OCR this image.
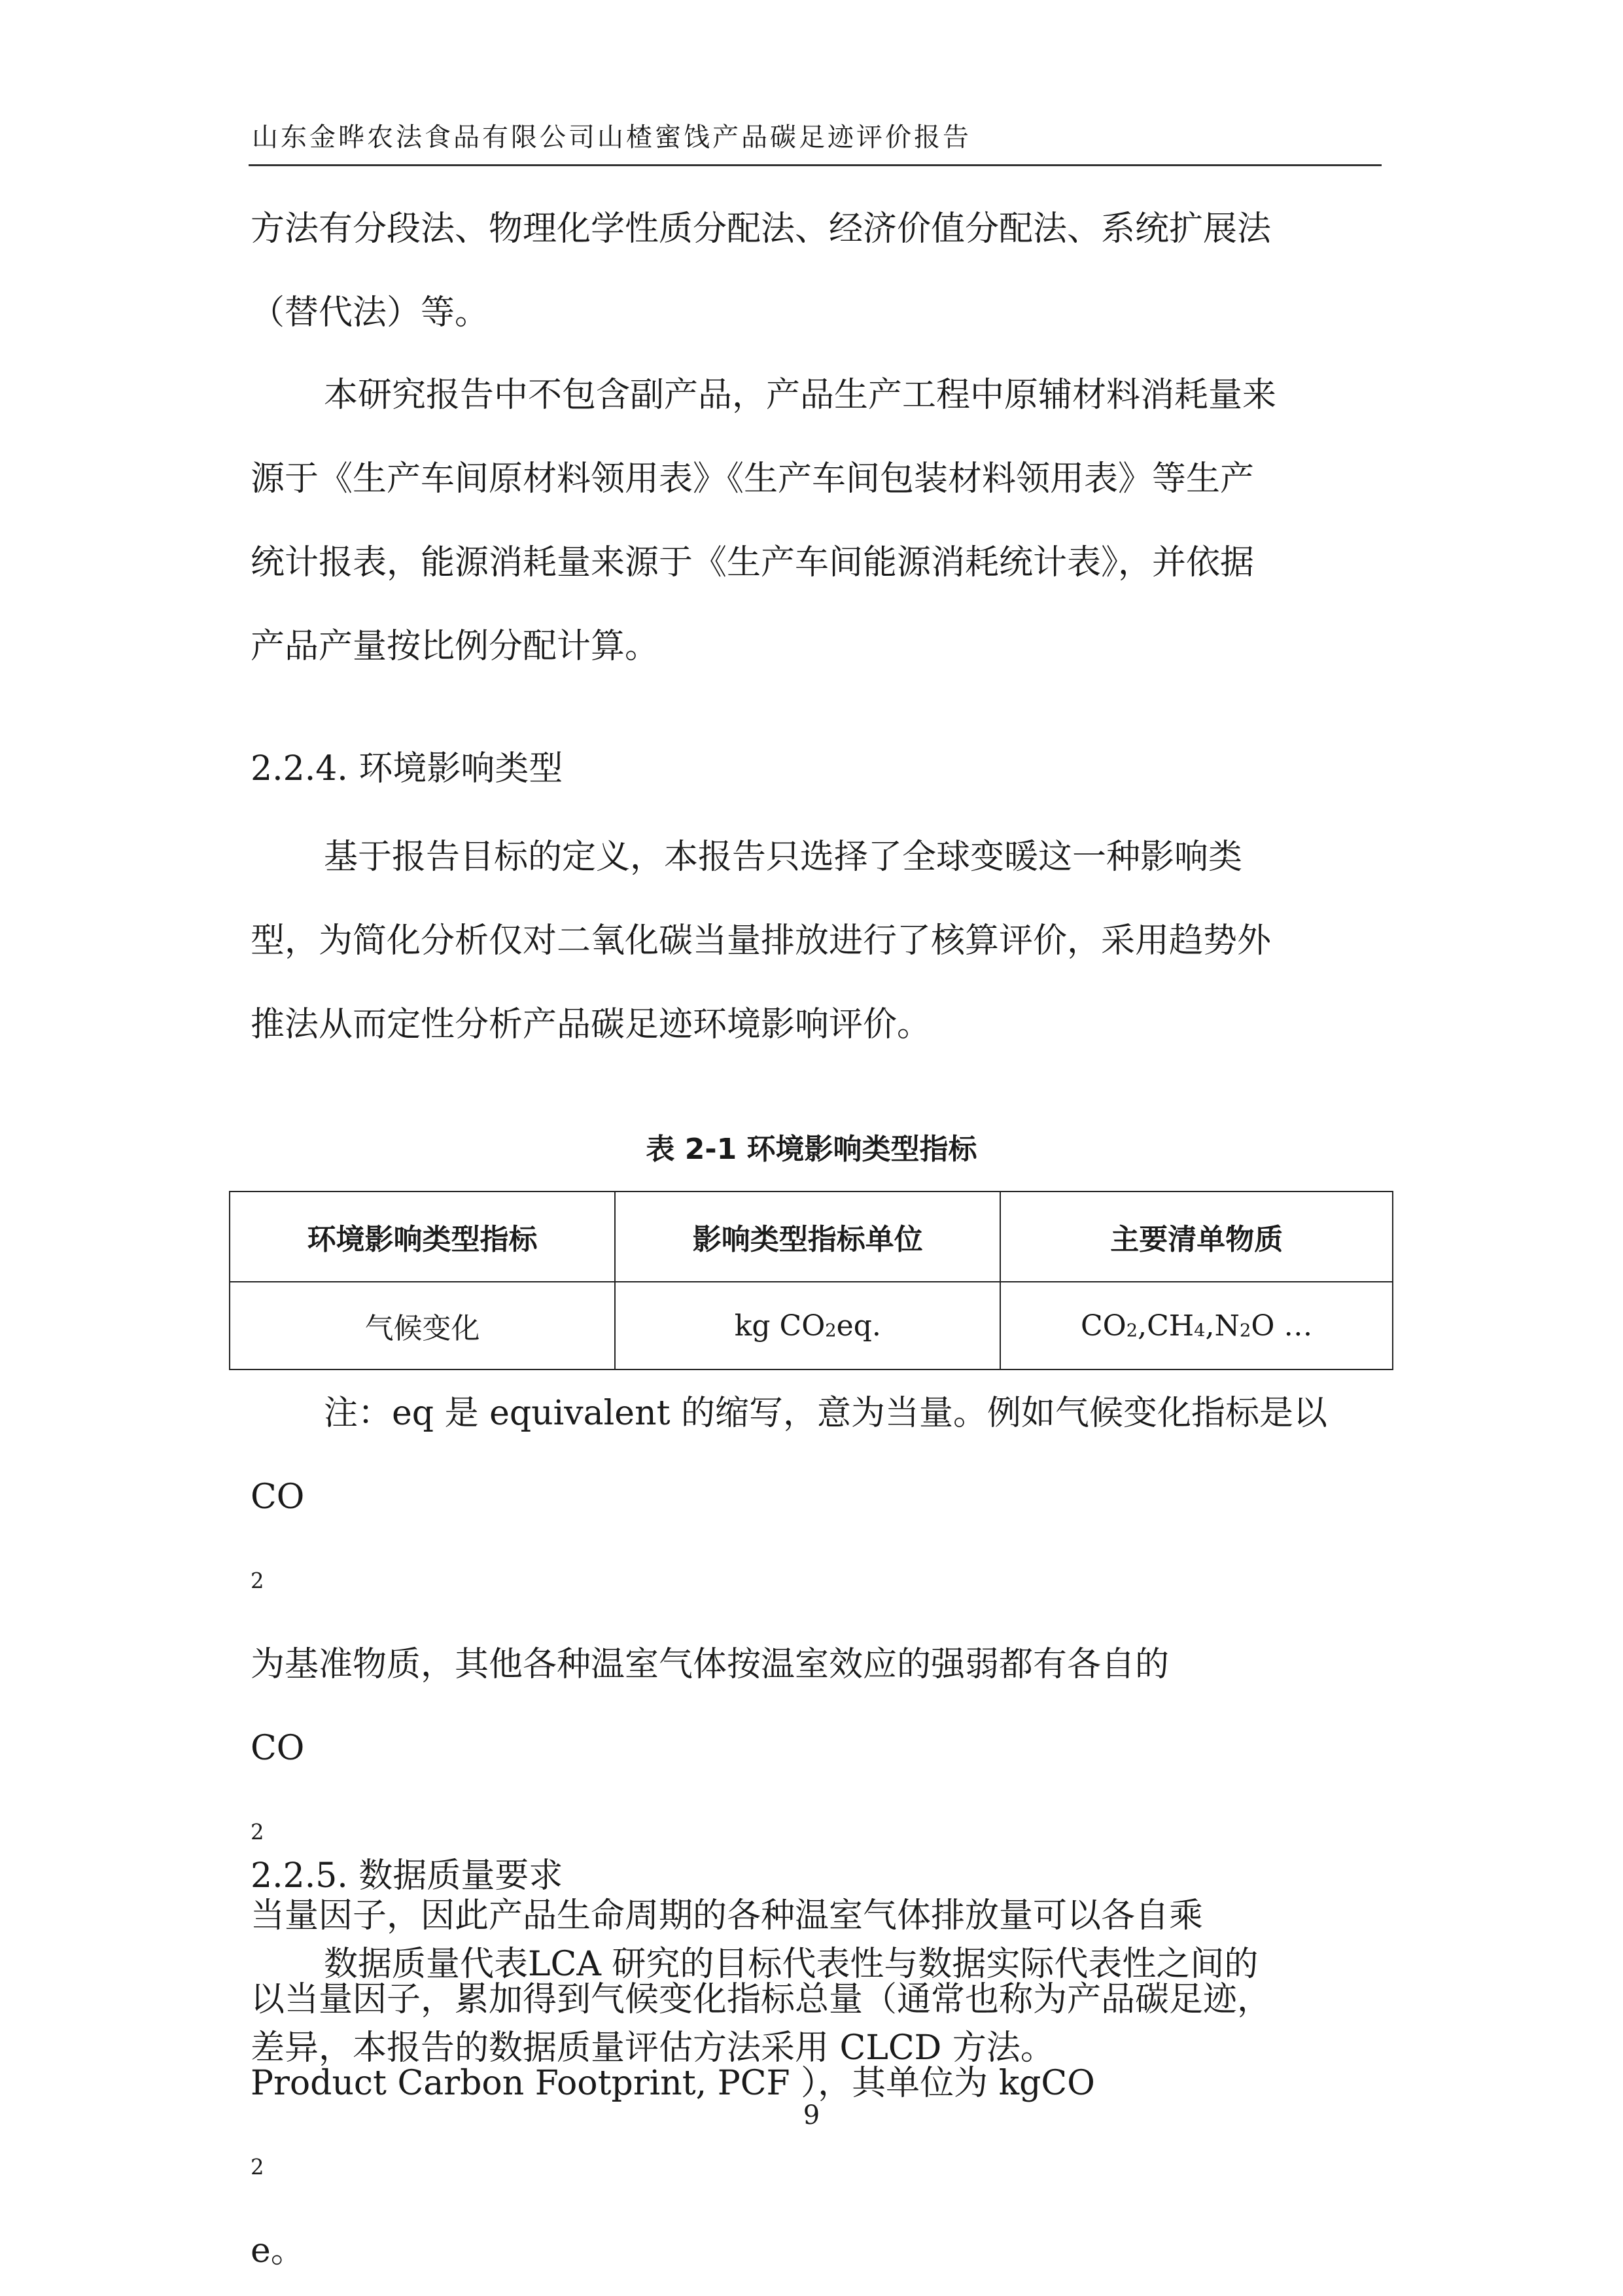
山东金晔农法食品有限公司山楂蜜饯产品碳足迹评价报告
方法有分段法、物理化学性质分配法、经济价值分配法、系统扩展法
（替代法）等。
本研究报告中不包含副产品，产品生产工程中原辅材料消耗量来
源于《生产车间原材料领用表》《生产车间包装材料领用表》等生产
统计报表，能源消耗量来源于《生产车间能源消耗统计表》，并依据
产品产量按比例分配计算。
2.2.4. 环境影响类型
基于报告目标的定义，本报告只选择了全球变暖这一种影响类
型，为简化分析仅对二氧化碳当量排放进行了核算评价，采用趋势外
推法从而定性分析产品碳足迹环境影响评价。
表 2-1 环境影响类型指标
环境影响类型指标	影响类型指标单位	主要清单物质
气候变化	kg CO2eq.	CO2,CH4,N2O …
注：eq 是 equivalent 的缩写，意为当量。例如气候变化指标是以
CO
2
为基准物质，其他各种温室气体按温室效应的强弱都有各自的
CO
2
当量因子，因此产品生命周期的各种温室气体排放量可以各自乘
以当量因子，累加得到气候变化指标总量（通常也称为产品碳足迹，
Product Carbon Footprint, PCF ），其单位为 kgCO
2
e。
2.2.5. 数据质量要求
数据质量代表LCA 研究的目标代表性与数据实际代表性之间的
差异，本报告的数据质量评估方法采用 CLCD 方法。
9
